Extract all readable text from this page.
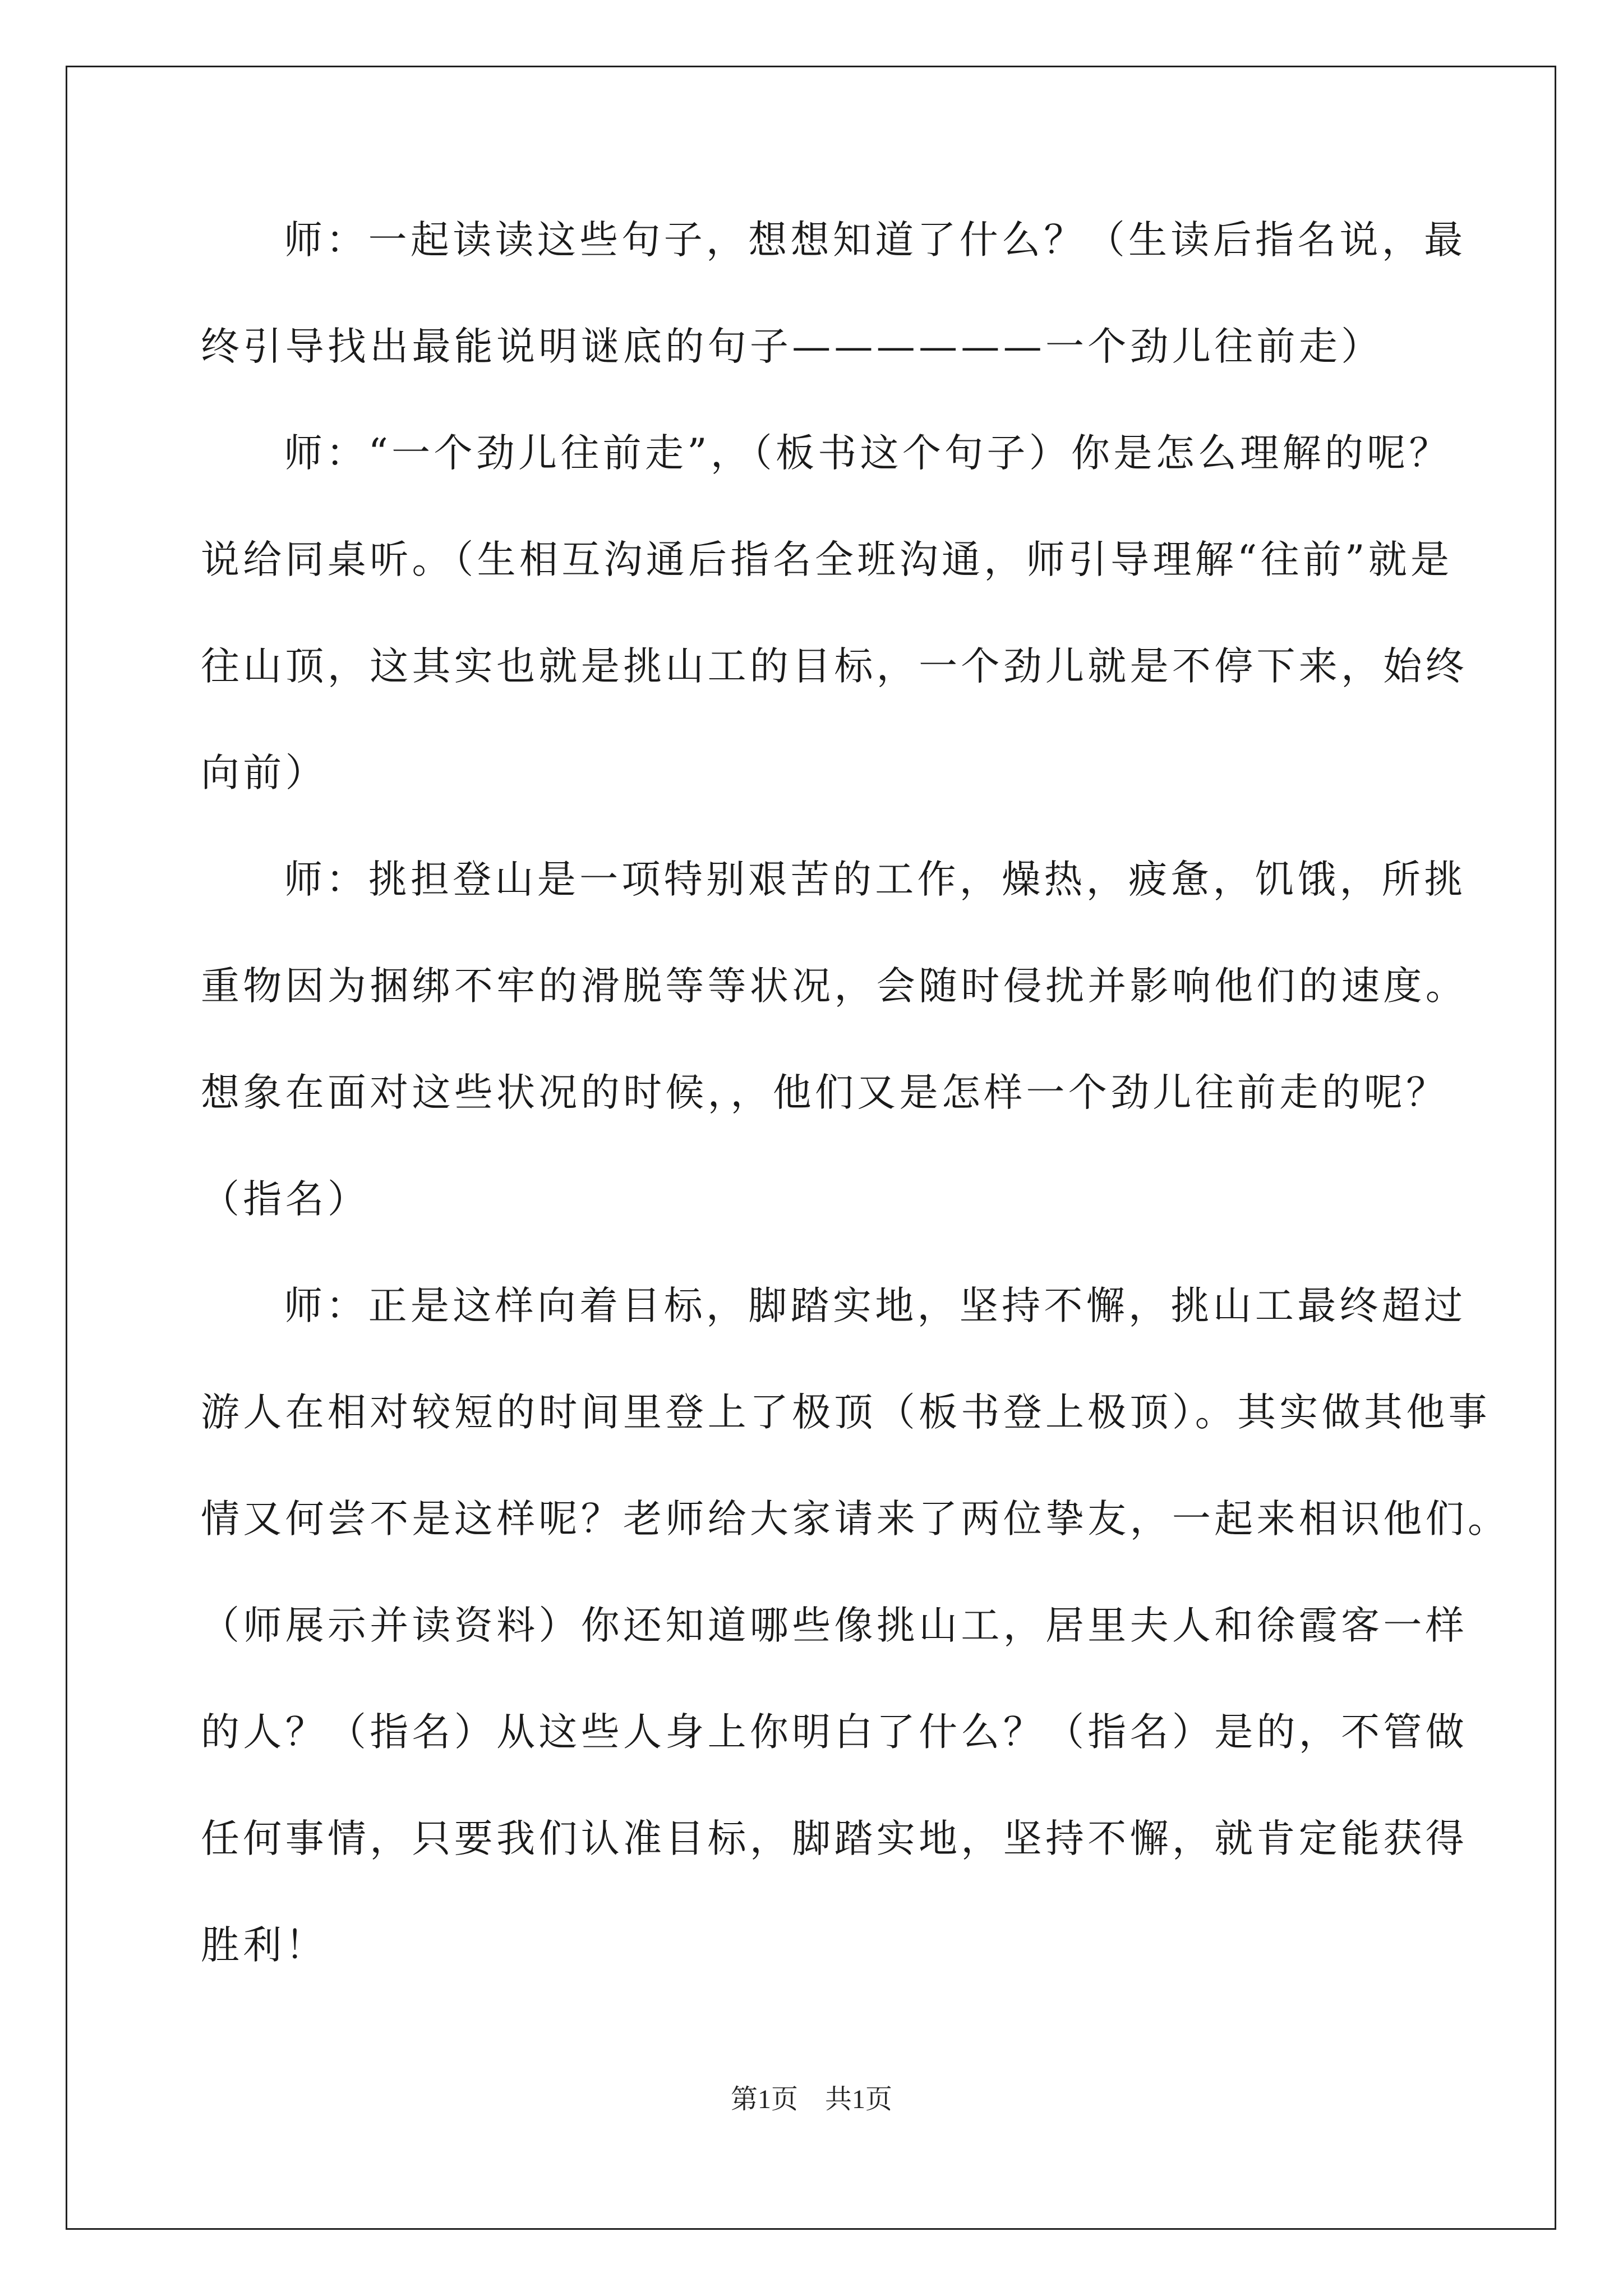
师：一起读读这些句子，想想知道了什么？（生读后指名说，最

终引导找出最能说明谜底的句子——————一个劲儿往前走）

师：“一个劲儿往前走”，（板书这个句子）你是怎么理解的呢？

说给同桌听。（生相互沟通后指名全班沟通，师引导理解“往前”就是

往山顶，这其实也就是挑山工的目标，一个劲儿就是不停下来，始终

向前）

师：挑担登山是一项特别艰苦的工作，燥热，疲惫，饥饿，所挑

重物因为捆绑不牢的滑脱等等状况，会随时侵扰并影响他们的速度。

想象在面对这些状况的时候，，他们又是怎样一个劲儿往前走的呢？

（指名）

师：正是这样向着目标，脚踏实地，坚持不懈，挑山工最终超过

游人在相对较短的时间里登上了极顶（板书登上极顶）。其实做其他事

情又何尝不是这样呢？老师给大家请来了两位挚友，一起来相识他们。

（师展示并读资料）你还知道哪些像挑山工，居里夫人和徐霞客一样

的人？（指名）从这些人身上你明白了什么？（指名）是的，不管做

任何事情，只要我们认准目标，脚踏实地，坚持不懈，就肯定能获得

胜利！

第1页　共1页
